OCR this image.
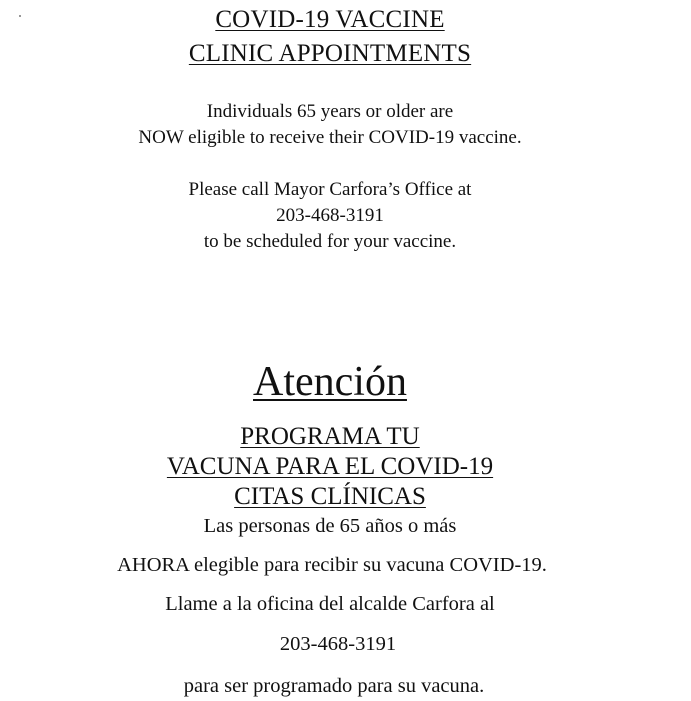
COVID-19 VACCINE
CLINIC APPOINTMENTS
Individuals 65 years or older are
NOW eligible to receive their COVID-19 vaccine.
Please call Mayor Carfora’s Office at
203-468-3191
to be scheduled for your vaccine.
Atención
PROGRAMA TU
VACUNA PARA EL COVID-19
CITAS CLÍNICAS
Las personas de 65 años o más
AHORA elegible para recibir su vacuna COVID-19.
Llame a la oficina del alcalde Carfora al
203-468-3191
para ser programado para su vacuna.
